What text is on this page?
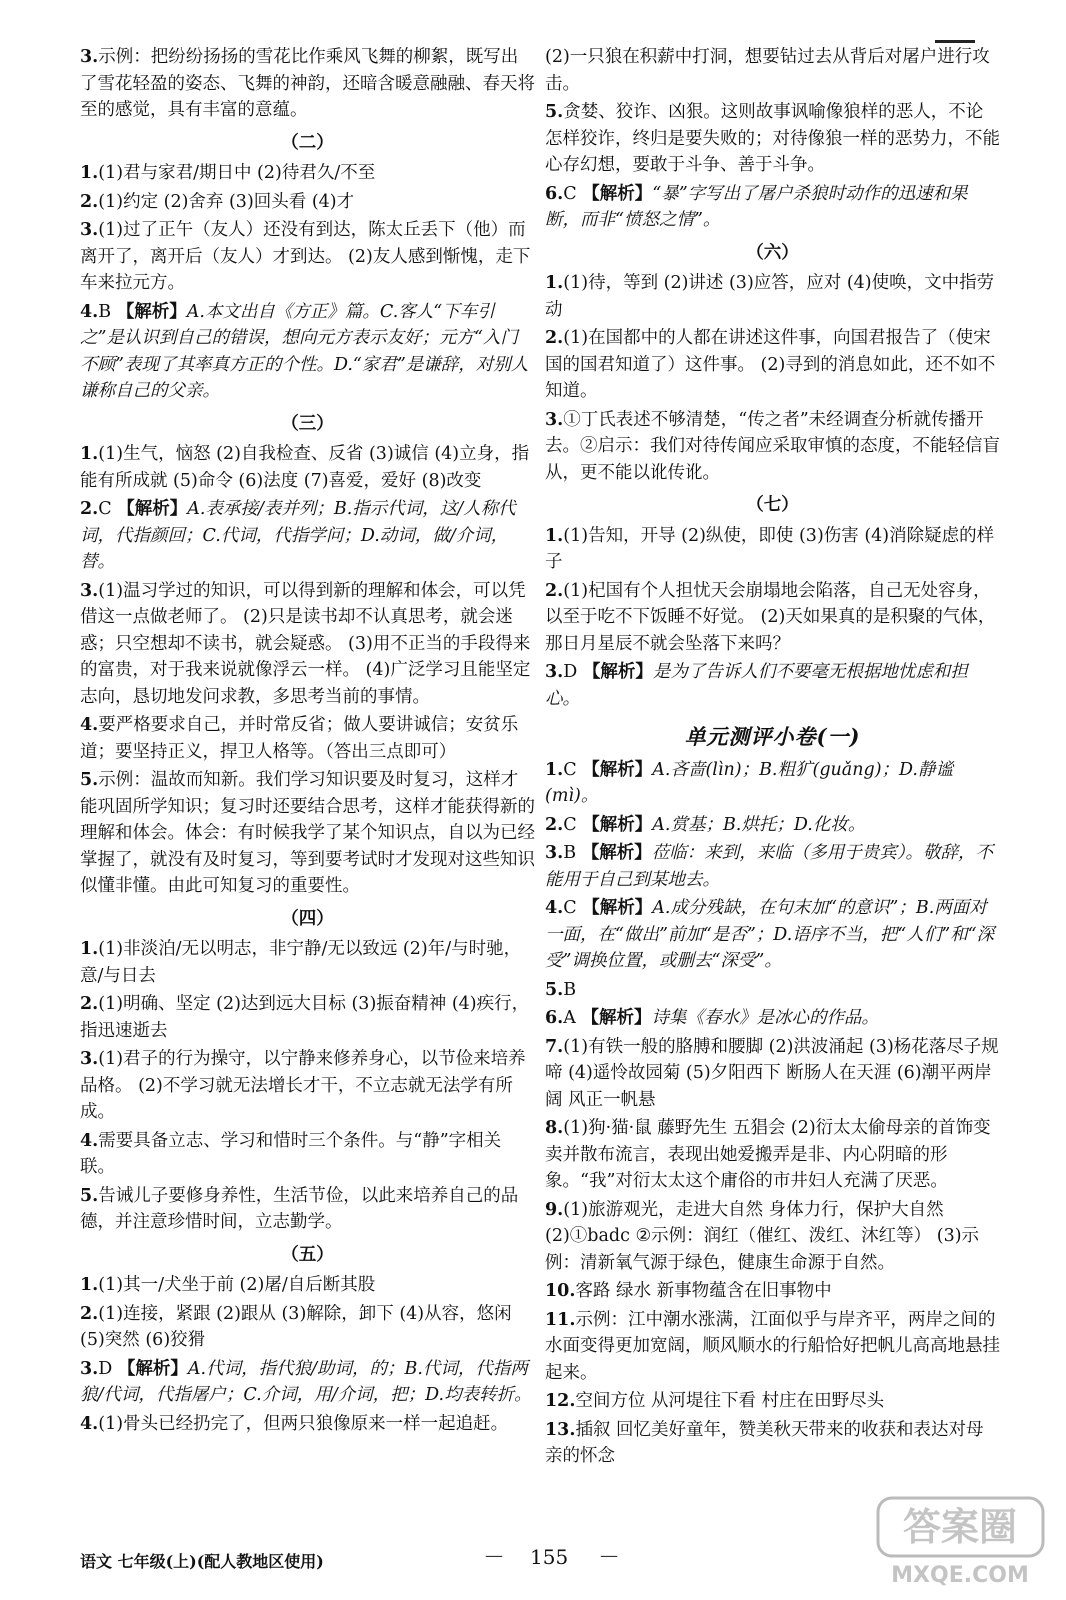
3.示例：把纷纷扬扬的雪花比作乘风飞舞的柳絮，既写出了雪花轻盈的姿态、飞舞的神韵，还暗含暖意融融、春天将至的感觉，具有丰富的意蕴。
（二）
1.(1)君与家君/期日中 (2)待君久/不至
2.(1)约定 (2)舍弃 (3)回头看 (4)才
3.(1)过了正午（友人）还没有到达，陈太丘丢下（他）而离开了，离开后（友人）才到达。 (2)友人感到惭愧，走下车来拉元方。
4.B 【解析】A.本文出自《方正》篇。C.客人“下车引之”是认识到自己的错误，想向元方表示友好；元方“入门不顾”表现了其率真方正的个性。D.“家君”是谦辞，对别人谦称自己的父亲。
（三）
1.(1)生气，恼怒 (2)自我检查、反省 (3)诚信 (4)立身，指能有所成就 (5)命令 (6)法度 (7)喜爱，爱好 (8)改变
2.C 【解析】A.表承接/表并列；B.指示代词，这/人称代词，代指颜回；C.代词，代指学问；D.动词，做/介词，替。
3.(1)温习学过的知识，可以得到新的理解和体会，可以凭借这一点做老师了。 (2)只是读书却不认真思考，就会迷惑；只空想却不读书，就会疑惑。 (3)用不正当的手段得来的富贵，对于我来说就像浮云一样。 (4)广泛学习且能坚定志向，恳切地发问求教，多思考当前的事情。
4.要严格要求自己，并时常反省；做人要讲诚信；安贫乐道；要坚持正义，捍卫人格等。（答出三点即可）
5.示例：温故而知新。我们学习知识要及时复习，这样才能巩固所学知识；复习时还要结合思考，这样才能获得新的理解和体会。体会：有时候我学了某个知识点，自以为已经掌握了，就没有及时复习，等到要考试时才发现对这些知识似懂非懂。由此可知复习的重要性。
（四）
1.(1)非淡泊/无以明志，非宁静/无以致远 (2)年/与时驰，意/与日去
2.(1)明确、坚定 (2)达到远大目标 (3)振奋精神 (4)疾行，指迅速逝去
3.(1)君子的行为操守，以宁静来修养身心，以节俭来培养品格。 (2)不学习就无法增长才干，不立志就无法学有所成。
4.需要具备立志、学习和惜时三个条件。与“静”字相关联。
5.告诫儿子要修身养性，生活节俭，以此来培养自己的品德，并注意珍惜时间，立志勤学。
（五）
1.(1)其一/犬坐于前 (2)屠/自后断其股
2.(1)连接，紧跟 (2)跟从 (3)解除，卸下 (4)从容，悠闲 (5)突然 (6)狡猾
3.D 【解析】A.代词，指代狼/助词，的；B.代词，代指两狼/代词，代指屠户；C.介词，用/介词，把；D.均表转折。
4.(1)骨头已经扔完了，但两只狼像原来一样一起追赶。
(2)一只狼在积薪中打洞，想要钻过去从背后对屠户进行攻击。
5.贪婪、狡诈、凶狠。这则故事讽喻像狼样的恶人，不论怎样狡诈，终归是要失败的；对待像狼一样的恶势力，不能心存幻想，要敢于斗争、善于斗争。
6.C 【解析】“暴”字写出了屠户杀狼时动作的迅速和果断，而非“愤怒之情”。
（六）
1.(1)待，等到 (2)讲述 (3)应答，应对 (4)使唤，文中指劳动
2.(1)在国都中的人都在讲述这件事，向国君报告了（使宋国的国君知道了）这件事。 (2)寻到的消息如此，还不如不知道。
3.①丁氏表述不够清楚，“传之者”未经调查分析就传播开去。②启示：我们对待传闻应采取审慎的态度，不能轻信盲从，更不能以讹传讹。
（七）
1.(1)告知，开导 (2)纵使，即使 (3)伤害 (4)消除疑虑的样子
2.(1)杞国有个人担忧天会崩塌地会陷落，自己无处容身，以至于吃不下饭睡不好觉。 (2)天如果真的是积聚的气体，那日月星辰不就会坠落下来吗？
3.D 【解析】是为了告诉人们不要毫无根据地忧虑和担心。
单元测评小卷(一)
1.C 【解析】A.吝啬(lìn)；B.粗犷(guǎng)；D.静谧(mì)。
2.C 【解析】A.赏基；B.烘托；D.化妆。
3.B 【解析】莅临：来到，来临（多用于贵宾）。敬辞，不能用于自己到某地去。
4.C 【解析】A.成分残缺，在句末加“的意识”；B.两面对一面，在“做出”前加“是否”；D.语序不当，把“人们”和“深受”调换位置，或删去“深受”。
5.B
6.A 【解析】诗集《春水》是冰心的作品。
7.(1)有铁一般的胳膊和腰脚 (2)洪波涌起 (3)杨花落尽子规啼 (4)遥怜故园菊 (5)夕阳西下 断肠人在天涯 (6)潮平两岸阔 风正一帆悬
8.(1)狗·猫·鼠 藤野先生 五猖会 (2)衍太太偷母亲的首饰变卖并散布流言，表现出她爱搬弄是非、内心阴暗的形象。“我”对衍太太这个庸俗的市井妇人充满了厌恶。
9.(1)旅游观光，走进大自然 身体力行，保护大自然 (2)①badc ②示例：润红（催红、泼红、沐红等） (3)示例：清新氧气源于绿色，健康生命源于自然。
10.客路 绿水 新事物蕴含在旧事物中
11.示例：江中潮水涨满，江面似乎与岸齐平，两岸之间的水面变得更加宽阔，顺风顺水的行船恰好把帆儿高高地悬挂起来。
12.空间方位 从河堤往下看 村庄在田野尽头
13.插叙 回忆美好童年，赞美秋天带来的收获和表达对母亲的怀念
语文 七年级(上)(配人教地区使用)	— 155 —
答案圈
MXQE.COM
